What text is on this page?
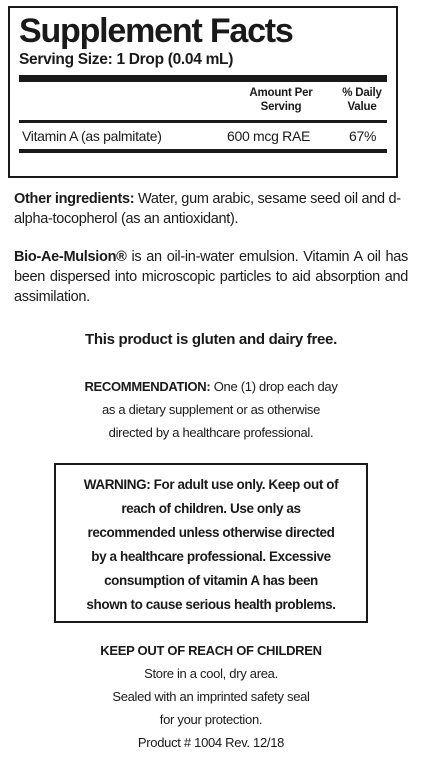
Supplement Facts
Serving Size: 1 Drop (0.04 mL)
Amount Per Serving
% Daily Value
Vitamin A (as palmitate)	600 mcg RAE	67%
Other ingredients: Water, gum arabic, sesame seed oil and d-alpha-tocopherol (as an antioxidant).
Bio-Ae-Mulsion® is an oil-in-water emulsion. Vitamin A oil has been dispersed into microscopic particles to aid absorption and assimilation.
This product is gluten and dairy free.
RECOMMENDATION: One (1) drop each day
as a dietary supplement or as otherwise
directed by a healthcare professional.
WARNING: For adult use only. Keep out of
reach of children. Use only as
recommended unless otherwise directed
by a healthcare professional. Excessive
consumption of vitamin A has been
shown to cause serious health problems.
KEEP OUT OF REACH OF CHILDREN
Store in a cool, dry area.
Sealed with an imprinted safety seal
for your protection.
Product # 1004 Rev. 12/18
